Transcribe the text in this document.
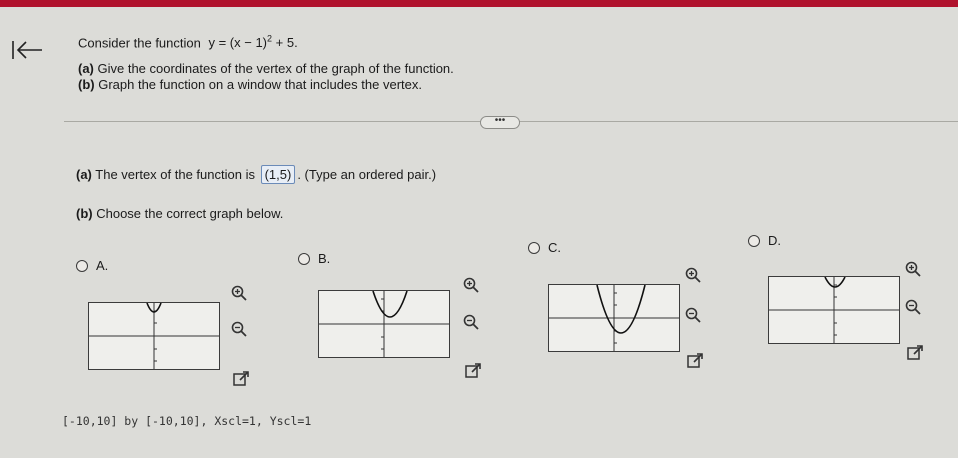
Consider the function $y = (x - 1)^2 + 5$.
(a) Give the coordinates of the vertex of the graph of the function.
(b) Graph the function on a window that includes the vertex.
•••
(a) The vertex of the function is (1,5) . (Type an ordered pair.)
(b) Choose the correct graph below.
A.	B.
C.	D.
[-10,10] by [-10,10], Xscl=1, Yscl=1
